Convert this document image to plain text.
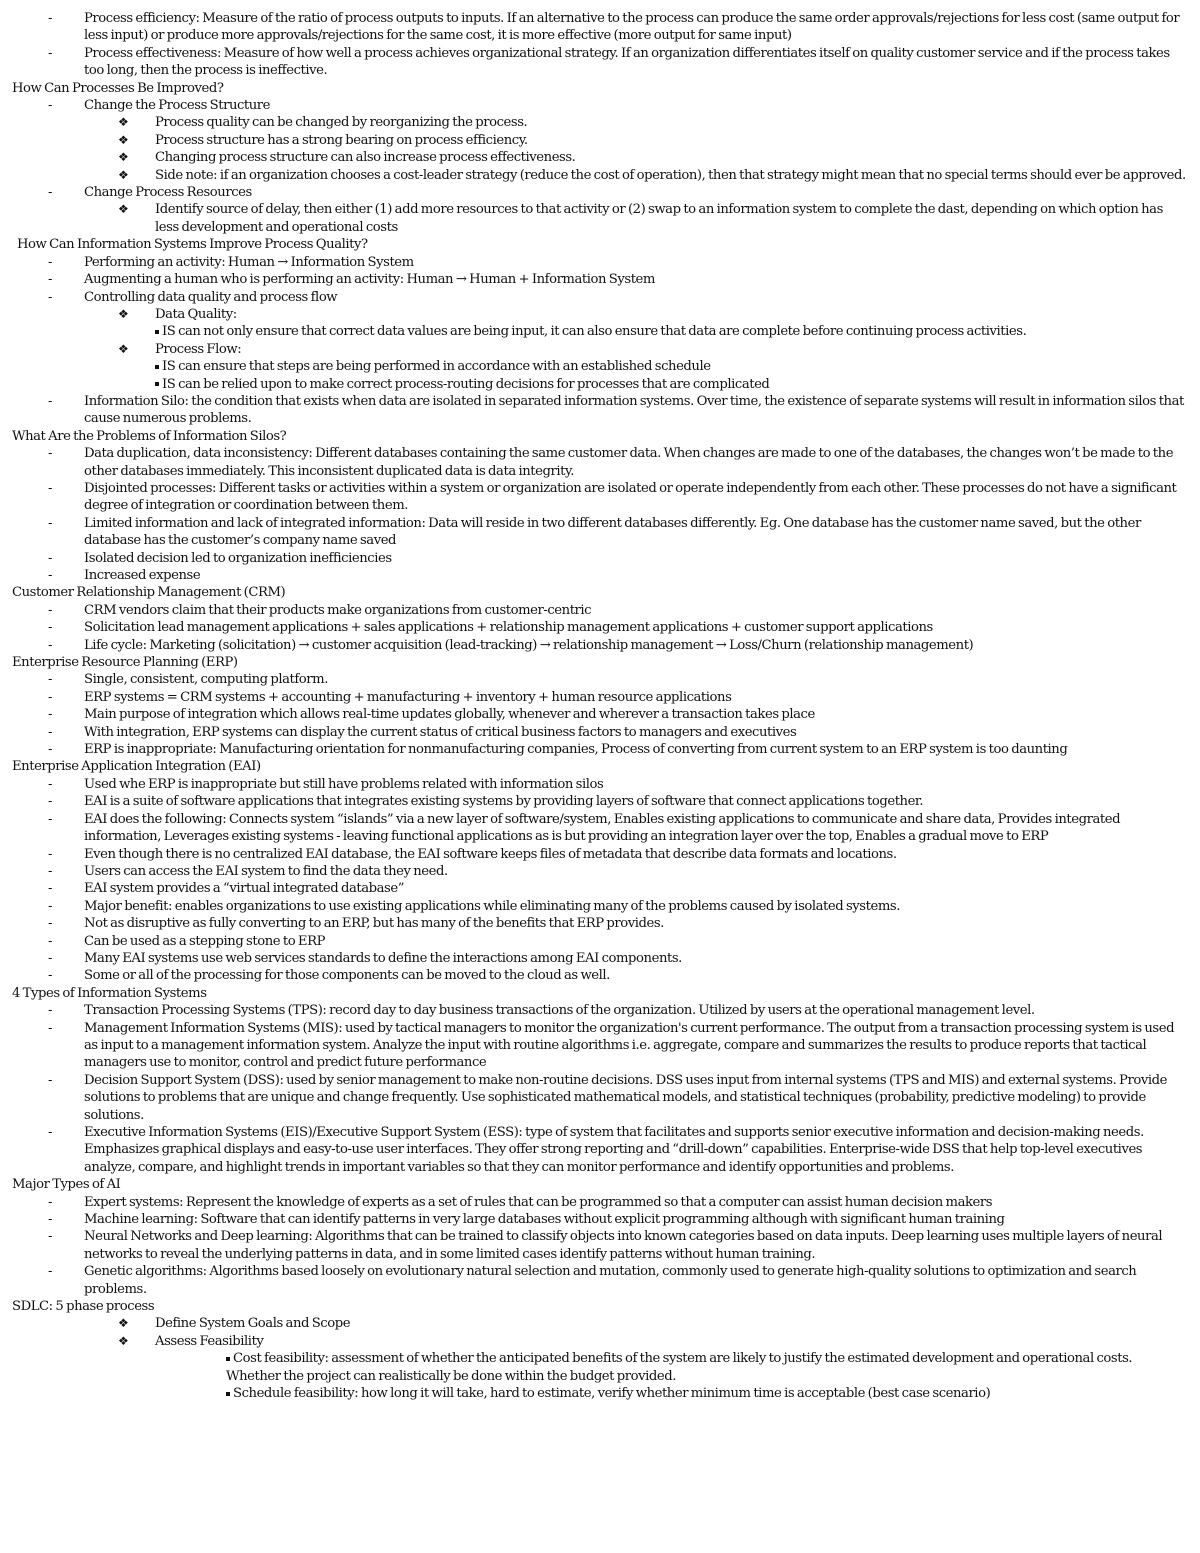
- Process efficiency: Measure of the ratio of process outputs to inputs. If an alternative to the process can produce the same order approvals/rejections for less cost (same output for less input) or produce more approvals/rejections for the same cost, it is more effective (more output for same input)
- Process effectiveness: Measure of how well a process achieves organizational strategy. If an organization differentiates itself on quality customer service and if the process takes too long, then the process is ineffective.
How Can Processes Be Improved?
- Change the Process Structure
❖ Process quality can be changed by reorganizing the process.
❖ Process structure has a strong bearing on process efficiency.
❖ Changing process structure can also increase process effectiveness.
❖ Side note: if an organization chooses a cost-leader strategy (reduce the cost of operation), then that strategy might mean that no special terms should ever be approved.
- Change Process Resources
❖ Identify source of delay, then either (1) add more resources to that activity or (2) swap to an information system to complete the dast, depending on which option has less development and operational costs
How Can Information Systems Improve Process Quality?
- Performing an activity: Human → Information System
- Augmenting a human who is performing an activity: Human → Human + Information System
- Controlling data quality and process flow
❖ Data Quality:
IS can not only ensure that correct data values are being input, it can also ensure that data are complete before continuing process activities.
❖ Process Flow:
IS can ensure that steps are being performed in accordance with an established schedule
IS can be relied upon to make correct process-routing decisions for processes that are complicated
- Information Silo: the condition that exists when data are isolated in separated information systems. Over time, the existence of separate systems will result in information silos that cause numerous problems.
What Are the Problems of Information Silos?
- Data duplication, data inconsistency: Different databases containing the same customer data. When changes are made to one of the databases, the changes won’t be made to the other databases immediately. This inconsistent duplicated data is data integrity.
- Disjointed processes: Different tasks or activities within a system or organization are isolated or operate independently from each other. These processes do not have a significant degree of integration or coordination between them.
- Limited information and lack of integrated information: Data will reside in two different databases differently. Eg. One database has the customer name saved, but the other database has the customer’s company name saved
- Isolated decision led to organization inefficiencies
- Increased expense
Customer Relationship Management (CRM)
- CRM vendors claim that their products make organizations from customer-centric
- Solicitation lead management applications + sales applications + relationship management applications + customer support applications
- Life cycle: Marketing (solicitation) → customer acquisition (lead-tracking) → relationship management → Loss/Churn (relationship management)
Enterprise Resource Planning (ERP)
- Single, consistent, computing platform.
- ERP systems = CRM systems + accounting + manufacturing + inventory + human resource applications
- Main purpose of integration which allows real-time updates globally, whenever and wherever a transaction takes place
- With integration, ERP systems can display the current status of critical business factors to managers and executives
- ERP is inappropriate: Manufacturing orientation for nonmanufacturing companies, Process of converting from current system to an ERP system is too daunting
Enterprise Application Integration (EAI)
- Used whe ERP is inappropriate but still have problems related with information silos
- EAI is a suite of software applications that integrates existing systems by providing layers of software that connect applications together.
- EAI does the following: Connects system “islands” via a new layer of software/system, Enables existing applications to communicate and share data, Provides integrated information, Leverages existing systems - leaving functional applications as is but providing an integration layer over the top, Enables a gradual move to ERP
- Even though there is no centralized EAI database, the EAI software keeps files of metadata that describe data formats and locations.
- Users can access the EAI system to find the data they need.
- EAI system provides a “virtual integrated database”
- Major benefit: enables organizations to use existing applications while eliminating many of the problems caused by isolated systems.
- Not as disruptive as fully converting to an ERP, but has many of the benefits that ERP provides.
- Can be used as a stepping stone to ERP
- Many EAI systems use web services standards to define the interactions among EAI components.
- Some or all of the processing for those components can be moved to the cloud as well.
4 Types of Information Systems
- Transaction Processing Systems (TPS): record day to day business transactions of the organization. Utilized by users at the operational management level.
- Management Information Systems (MIS): used by tactical managers to monitor the organization's current performance. The output from a transaction processing system is used as input to a management information system. Analyze the input with routine algorithms i.e. aggregate, compare and summarizes the results to produce reports that tactical managers use to monitor, control and predict future performance
- Decision Support System (DSS): used by senior management to make non-routine decisions. DSS uses input from internal systems (TPS and MIS) and external systems. Provide solutions to problems that are unique and change frequently. Use sophisticated mathematical models, and statistical techniques (probability, predictive modeling) to provide solutions.
- Executive Information Systems (EIS)/Executive Support System (ESS): type of system that facilitates and supports senior executive information and decision-making needs. Emphasizes graphical displays and easy-to-use user interfaces. They offer strong reporting and “drill-down” capabilities. Enterprise-wide DSS that help top-level executives analyze, compare, and highlight trends in important variables so that they can monitor performance and identify opportunities and problems.
Major Types of AI
- Expert systems: Represent the knowledge of experts as a set of rules that can be programmed so that a computer can assist human decision makers
- Machine learning: Software that can identify patterns in very large databases without explicit programming although with significant human training
- Neural Networks and Deep learning: Algorithms that can be trained to classify objects into known categories based on data inputs. Deep learning uses multiple layers of neural networks to reveal the underlying patterns in data, and in some limited cases identify patterns without human training.
- Genetic algorithms: Algorithms based loosely on evolutionary natural selection and mutation, commonly used to generate high-quality solutions to optimization and search problems.
SDLC: 5 phase process
❖ Define System Goals and Scope
❖ Assess Feasibility
Cost feasibility: assessment of whether the anticipated benefits of the system are likely to justify the estimated development and operational costs. Whether the project can realistically be done within the budget provided.
Schedule feasibility: how long it will take, hard to estimate, verify whether minimum time is acceptable (best case scenario)
